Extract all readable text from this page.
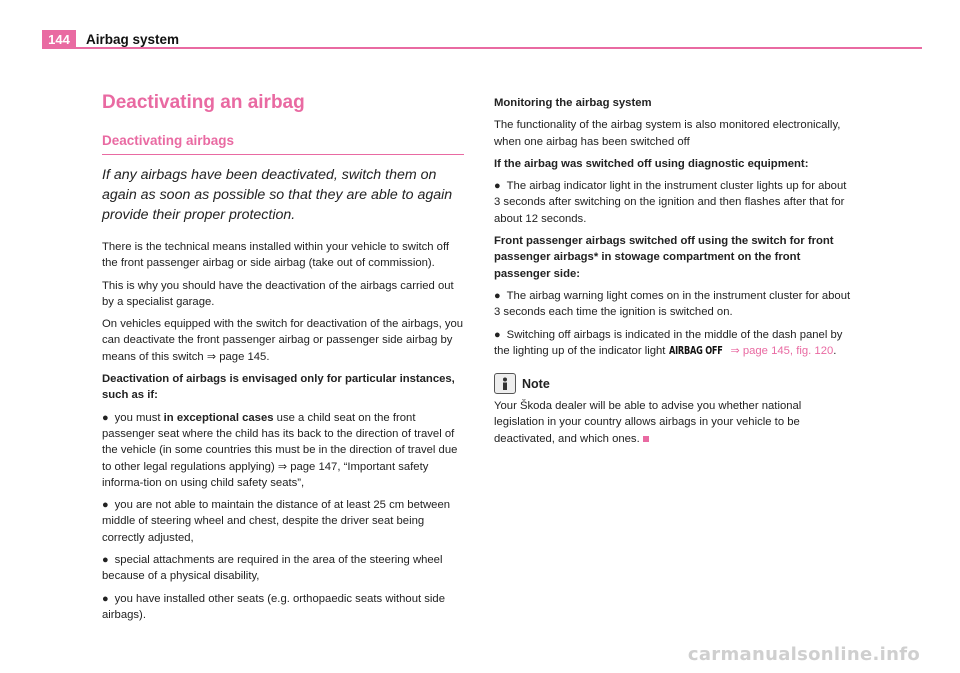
144	Airbag system
Deactivating an airbag
Deactivating airbags

If any airbags have been deactivated, switch them on again as soon as possible so that they are able to again provide their proper protection.

There is the technical means installed within your vehicle to switch off the front passenger airbag or side airbag (take out of commission).

This is why you should have the deactivation of the airbags carried out by a specialist garage.

On vehicles equipped with the switch for deactivation of the airbags, you can deactivate the front passenger airbag or passenger side airbag by means of this switch ⇒ page 145.

Deactivation of airbags is envisaged only for particular instances, such as if:

● you must in exceptional cases use a child seat on the front passenger seat where the child has its back to the direction of travel of the vehicle (in some countries this must be in the direction of travel due to other legal regulations applying) ⇒ page 147, “Important safety informa-tion on using child safety seats”,

● you are not able to maintain the distance of at least 25 cm between middle of steering wheel and chest, despite the driver seat being correctly adjusted,

● special attachments are required in the area of the steering wheel because of a physical disability,

● you have installed other seats (e.g. orthopaedic seats without side airbags).

Monitoring the airbag system

The functionality of the airbag system is also monitored electronically, when one airbag has been switched off

If the airbag was switched off using diagnostic equipment:

● The airbag indicator light in the instrument cluster lights up for about 3 seconds after switching on the ignition and then flashes after that for about 12 seconds.

Front passenger airbags switched off using the switch for front passenger airbags* in stowage compartment on the front passenger side:

● The airbag warning light comes on in the instrument cluster for about 3 seconds each time the ignition is switched on.

● Switching off airbags is indicated in the middle of the dash panel by the lighting up of the indicator light AIRBAG OFF ⇒ page 145, fig. 120.

Note

Your Škoda dealer will be able to advise you whether national legislation in your country allows airbags in your vehicle to be deactivated, and which ones.

carmanualsonline.info
